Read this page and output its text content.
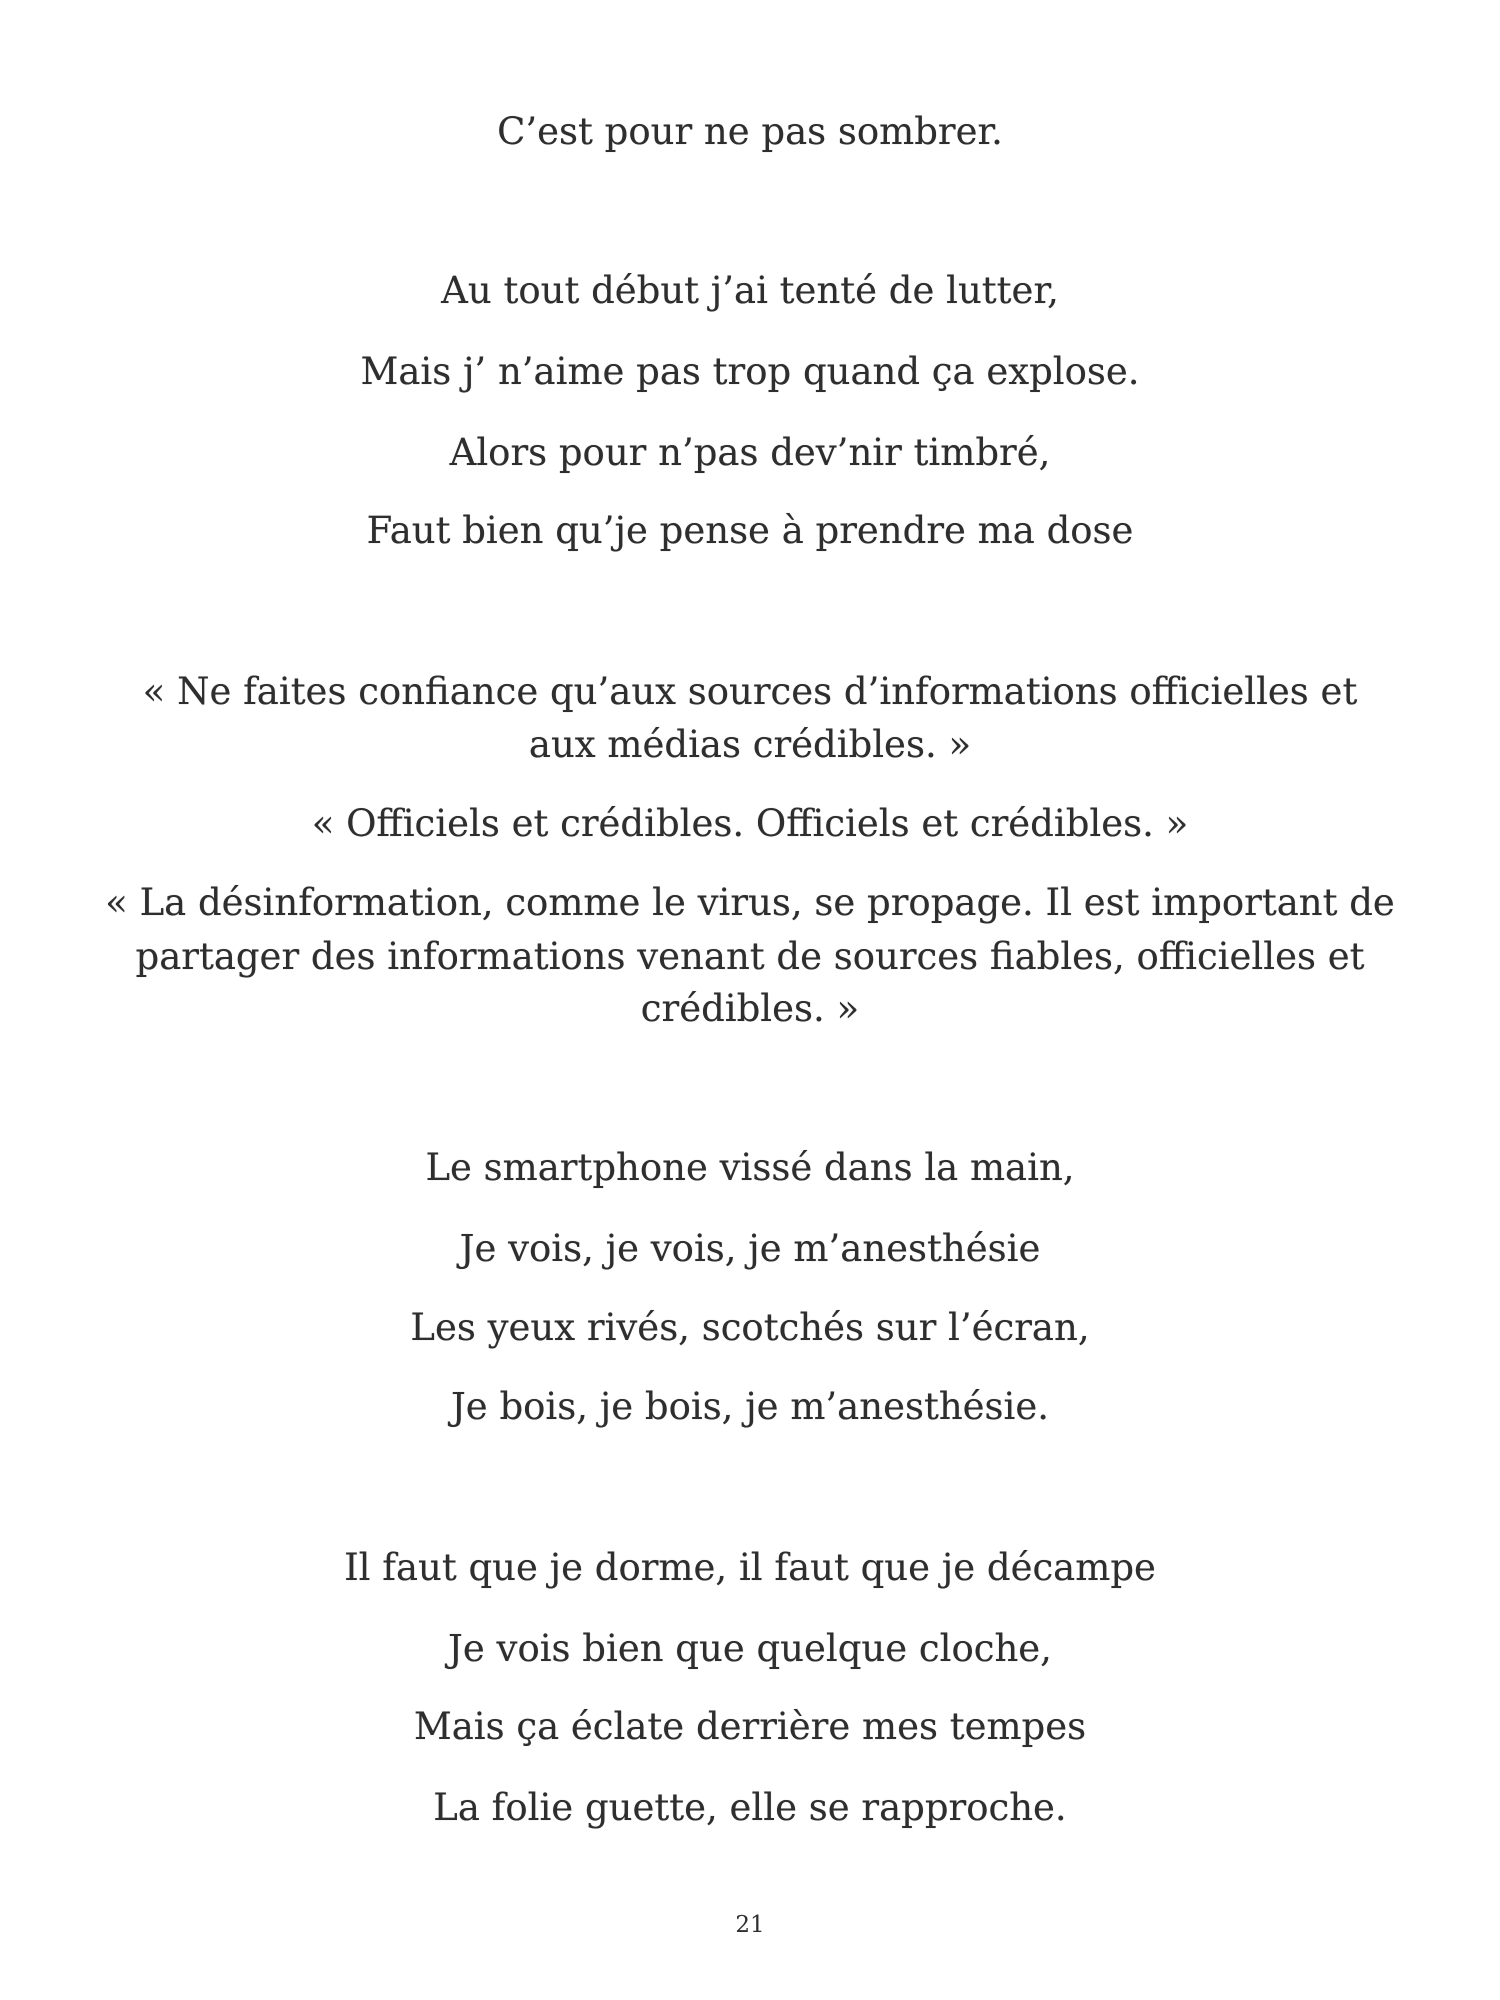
C’est pour ne pas sombrer.
Au tout début j’ai tenté de lutter,
Mais j’ n’aime pas trop quand ça explose.
Alors pour n’pas dev’nir timbré,
Faut bien qu’je pense à prendre ma dose
« Ne faites confiance qu’aux sources d’informations officielles et
aux médias crédibles. »
« Officiels et crédibles. Officiels et crédibles. »
« La désinformation, comme le virus, se propage. Il est important de
partager des informations venant de sources fiables, officielles et
crédibles. »
Le smartphone vissé dans la main,
Je vois, je vois, je m’anesthésie
Les yeux rivés, scotchés sur l’écran,
Je bois, je bois, je m’anesthésie.
Il faut que je dorme, il faut que je décampe
Je vois bien que quelque cloche,
Mais ça éclate derrière mes tempes
La folie guette, elle se rapproche.
21
